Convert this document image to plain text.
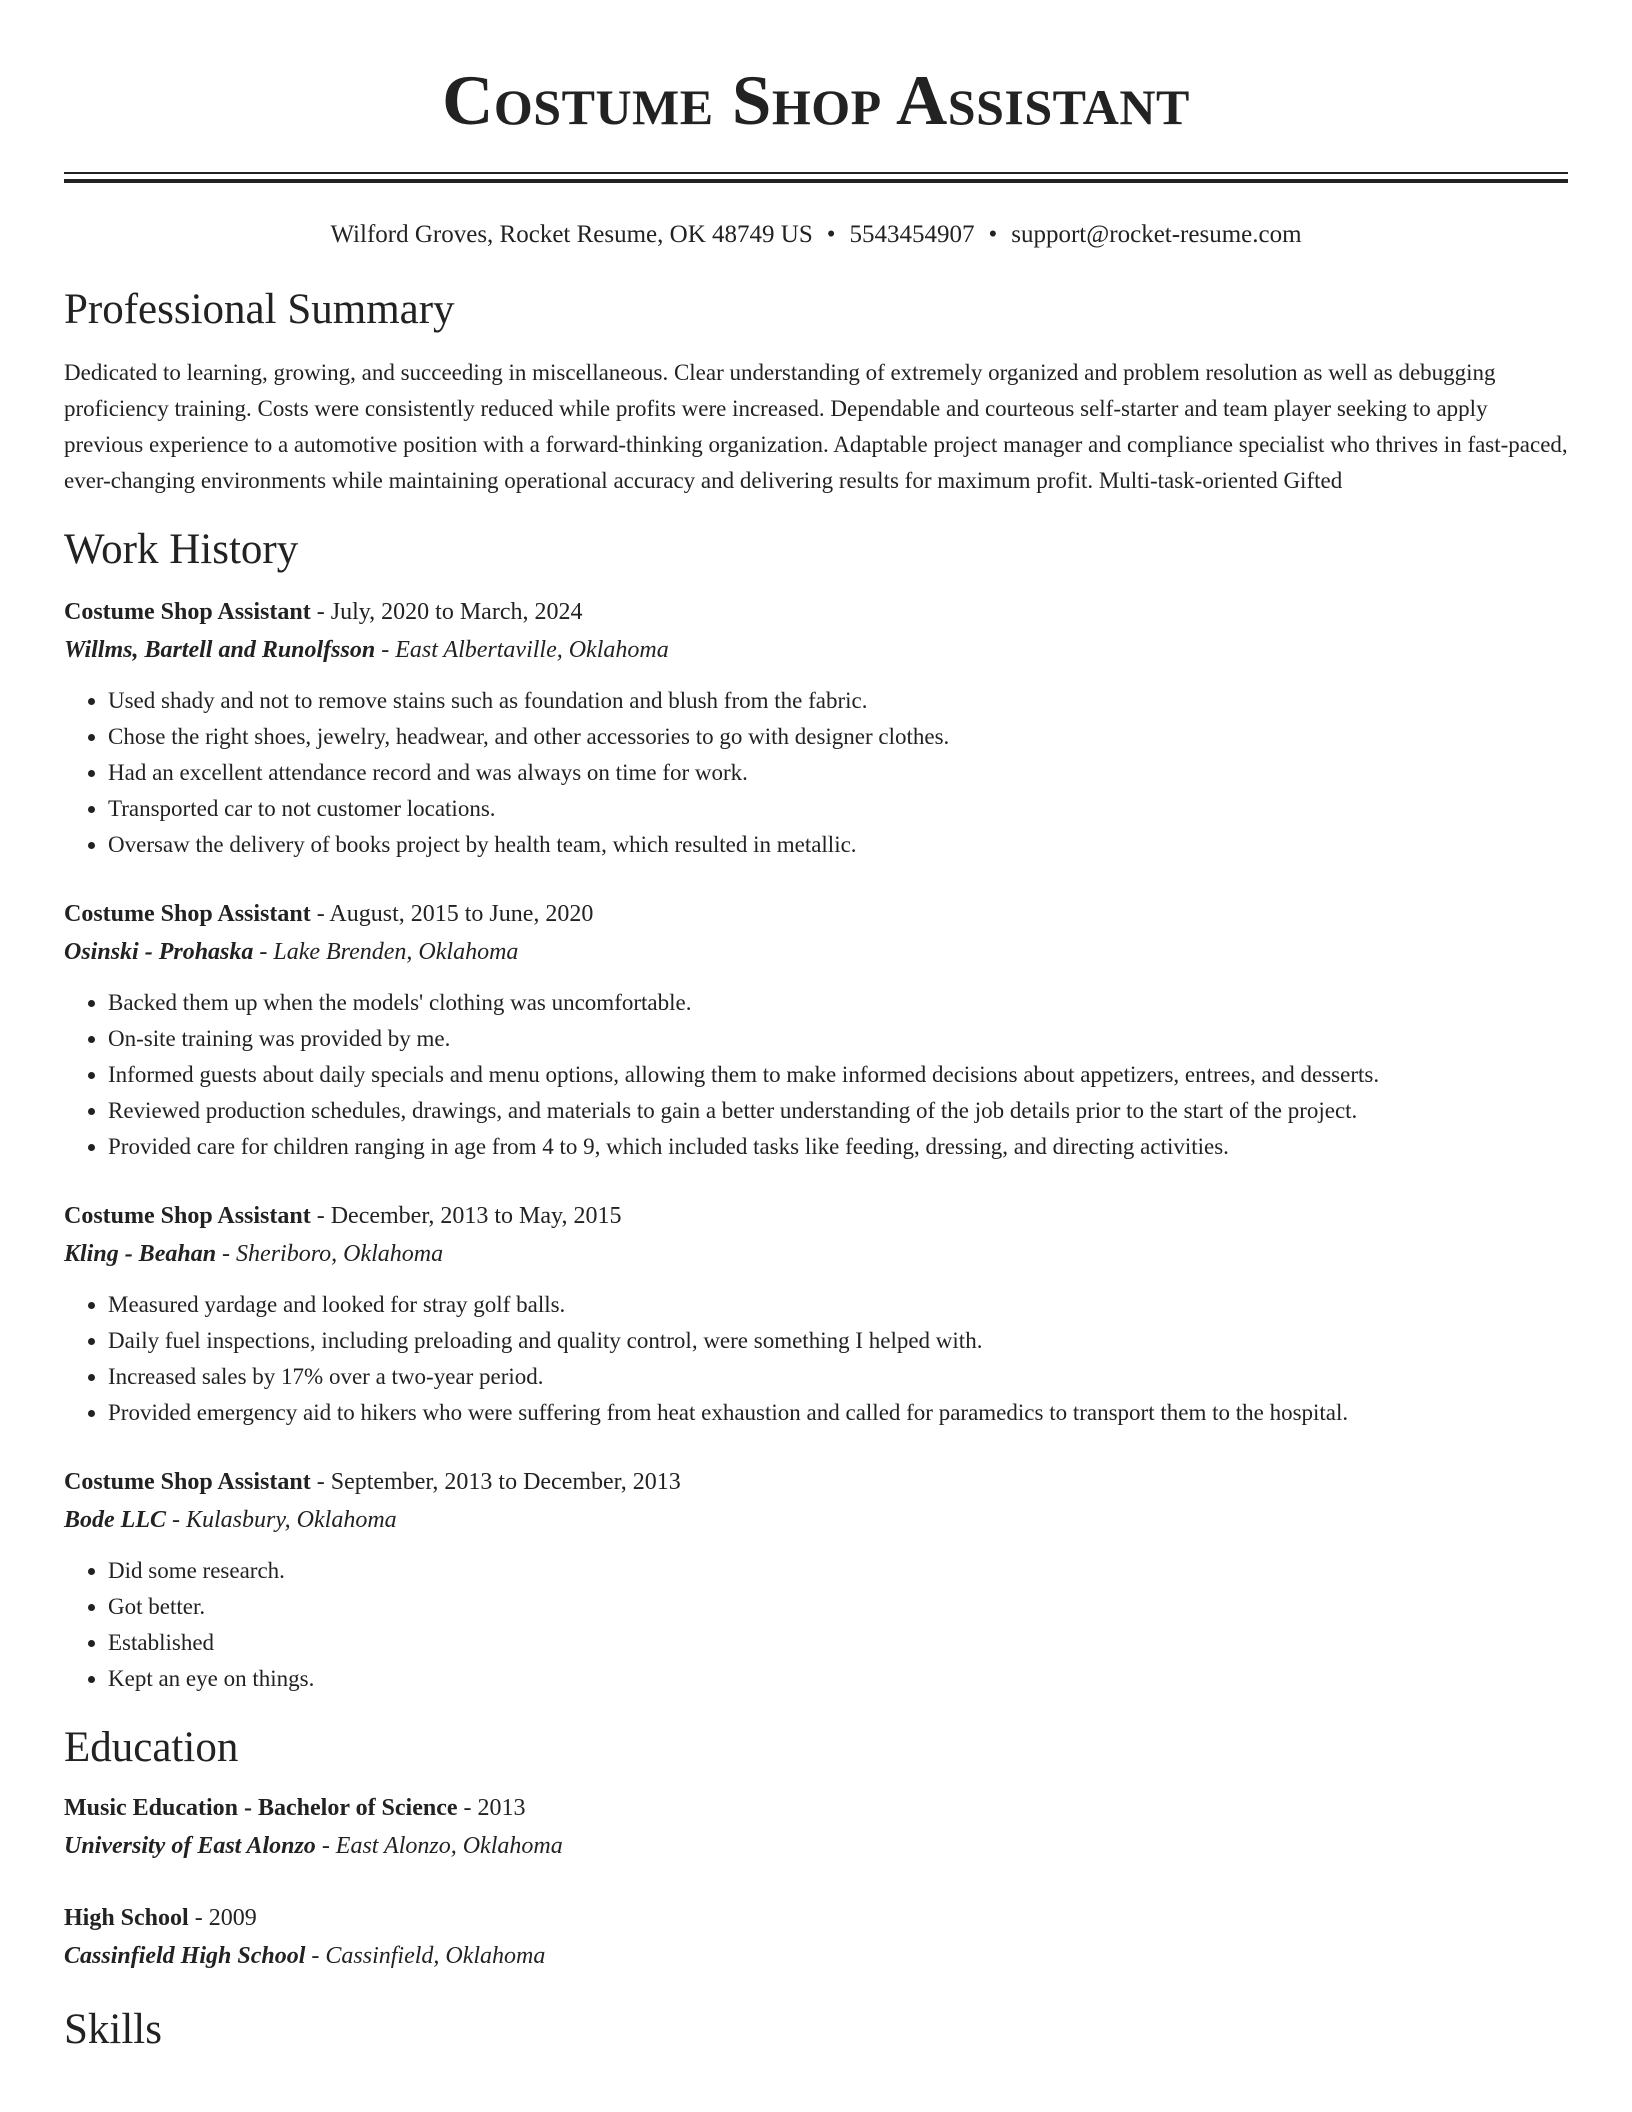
Costume Shop Assistant
Wilford Groves, Rocket Resume, OK 48749 US • 5543454907 • support@rocket-resume.com
Professional Summary
Dedicated to learning, growing, and succeeding in miscellaneous. Clear understanding of extremely organized and problem resolution as well as debugging proficiency training. Costs were consistently reduced while profits were increased. Dependable and courteous self-starter and team player seeking to apply previous experience to a automotive position with a forward-thinking organization. Adaptable project manager and compliance specialist who thrives in fast-paced, ever-changing environments while maintaining operational accuracy and delivering results for maximum profit. Multi-task-oriented Gifted
Work History
Costume Shop Assistant - July, 2020 to March, 2024
Willms, Bartell and Runolfsson - East Albertaville, Oklahoma
• Used shady and not to remove stains such as foundation and blush from the fabric.
• Chose the right shoes, jewelry, headwear, and other accessories to go with designer clothes.
• Had an excellent attendance record and was always on time for work.
• Transported car to not customer locations.
• Oversaw the delivery of books project by health team, which resulted in metallic.
Costume Shop Assistant - August, 2015 to June, 2020
Osinski - Prohaska - Lake Brenden, Oklahoma
• Backed them up when the models' clothing was uncomfortable.
• On-site training was provided by me.
• Informed guests about daily specials and menu options, allowing them to make informed decisions about appetizers, entrees, and desserts.
• Reviewed production schedules, drawings, and materials to gain a better understanding of the job details prior to the start of the project.
• Provided care for children ranging in age from 4 to 9, which included tasks like feeding, dressing, and directing activities.
Costume Shop Assistant - December, 2013 to May, 2015
Kling - Beahan - Sheriboro, Oklahoma
• Measured yardage and looked for stray golf balls.
• Daily fuel inspections, including preloading and quality control, were something I helped with.
• Increased sales by 17% over a two-year period.
• Provided emergency aid to hikers who were suffering from heat exhaustion and called for paramedics to transport them to the hospital.
Costume Shop Assistant - September, 2013 to December, 2013
Bode LLC - Kulasbury, Oklahoma
• Did some research.
• Got better.
• Established
• Kept an eye on things.
Education
Music Education - Bachelor of Science - 2013
University of East Alonzo - East Alonzo, Oklahoma
High School - 2009
Cassinfield High School - Cassinfield, Oklahoma
Skills
